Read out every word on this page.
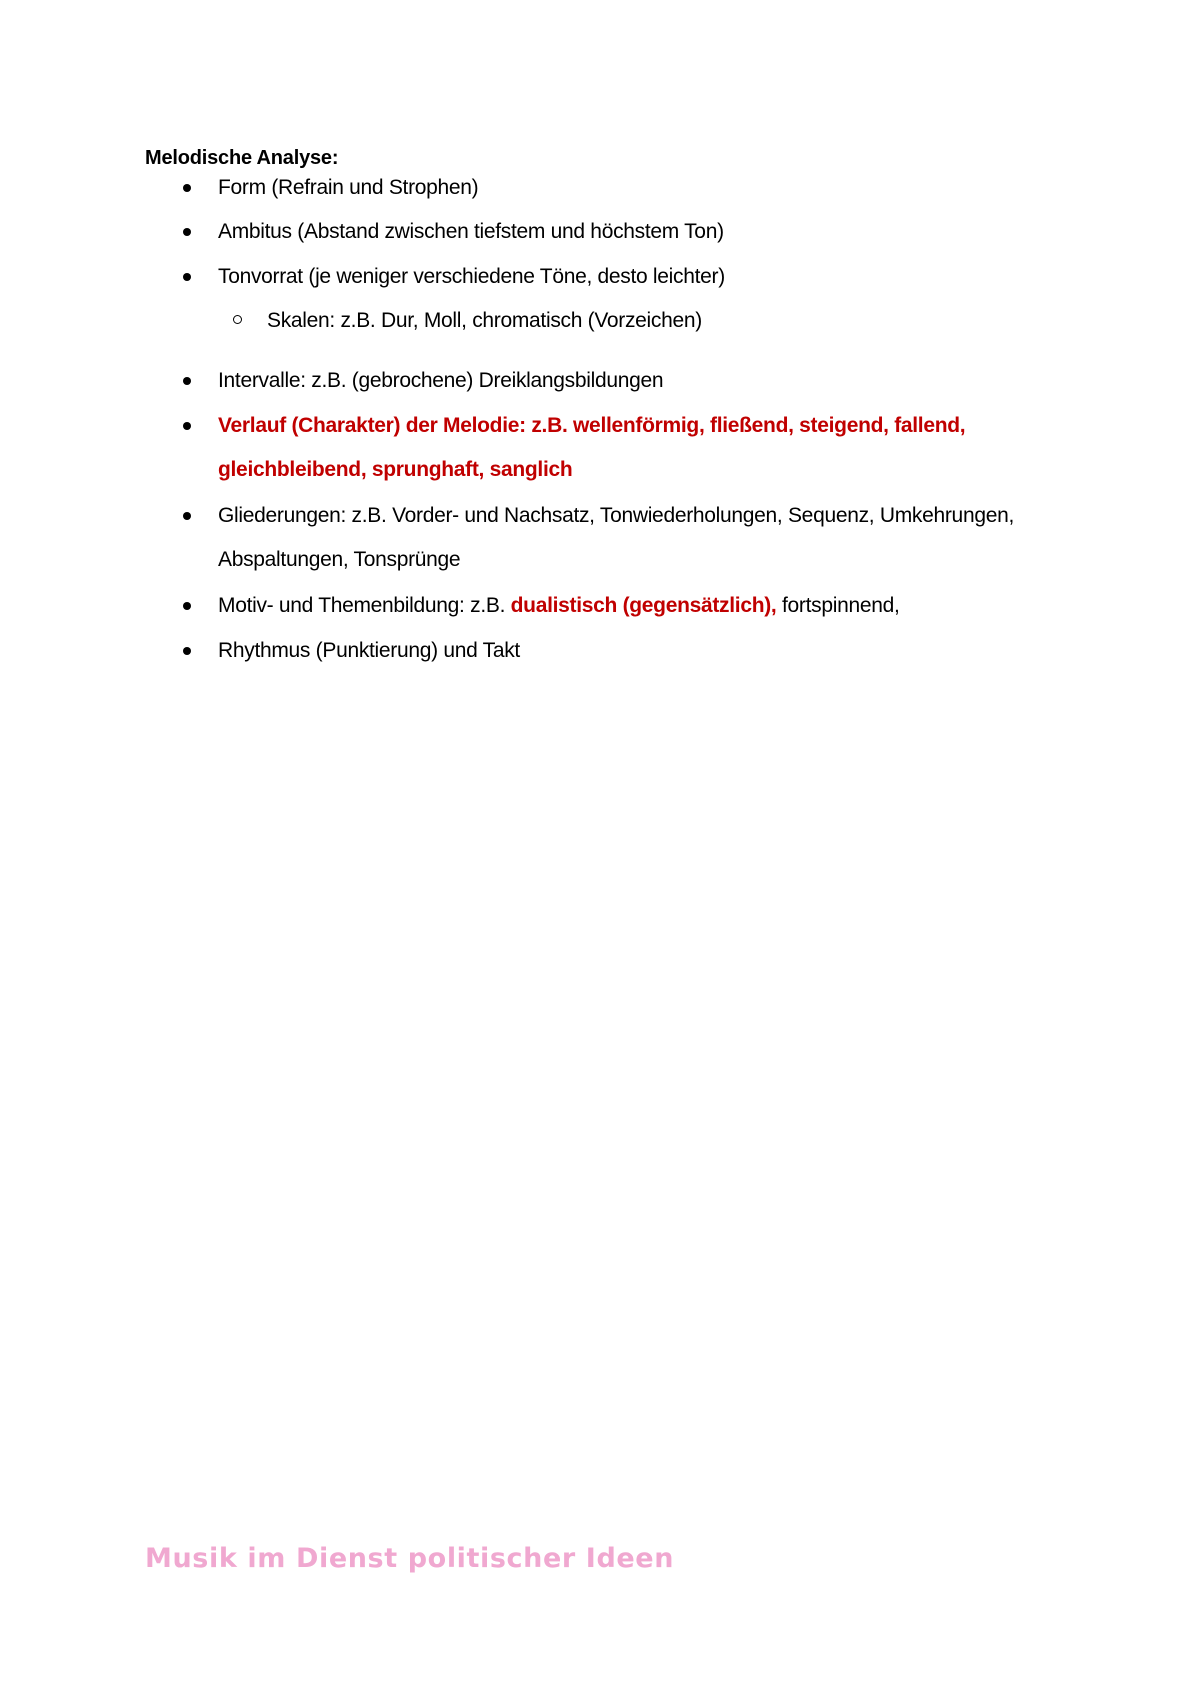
Melodische Analyse:
Form (Refrain und Strophen)
Ambitus (Abstand zwischen tiefstem und höchstem Ton)
Tonvorrat (je weniger verschiedene Töne, desto leichter)
Skalen: z.B. Dur, Moll, chromatisch (Vorzeichen)
Intervalle: z.B. (gebrochene) Dreiklangsbildungen
Verlauf (Charakter) der Melodie: z.B. wellenförmig, fließend, steigend, fallend, gleichbleibend, sprunghaft, sanglich
Gliederungen: z.B. Vorder- und Nachsatz, Tonwiederholungen, Sequenz, Umkehrungen, Abspaltungen, Tonsprünge
Motiv- und Themenbildung: z.B. dualistisch (gegensätzlich), fortspinnend,
Rhythmus (Punktierung) und Takt
Musik im Dienst politischer Ideen
